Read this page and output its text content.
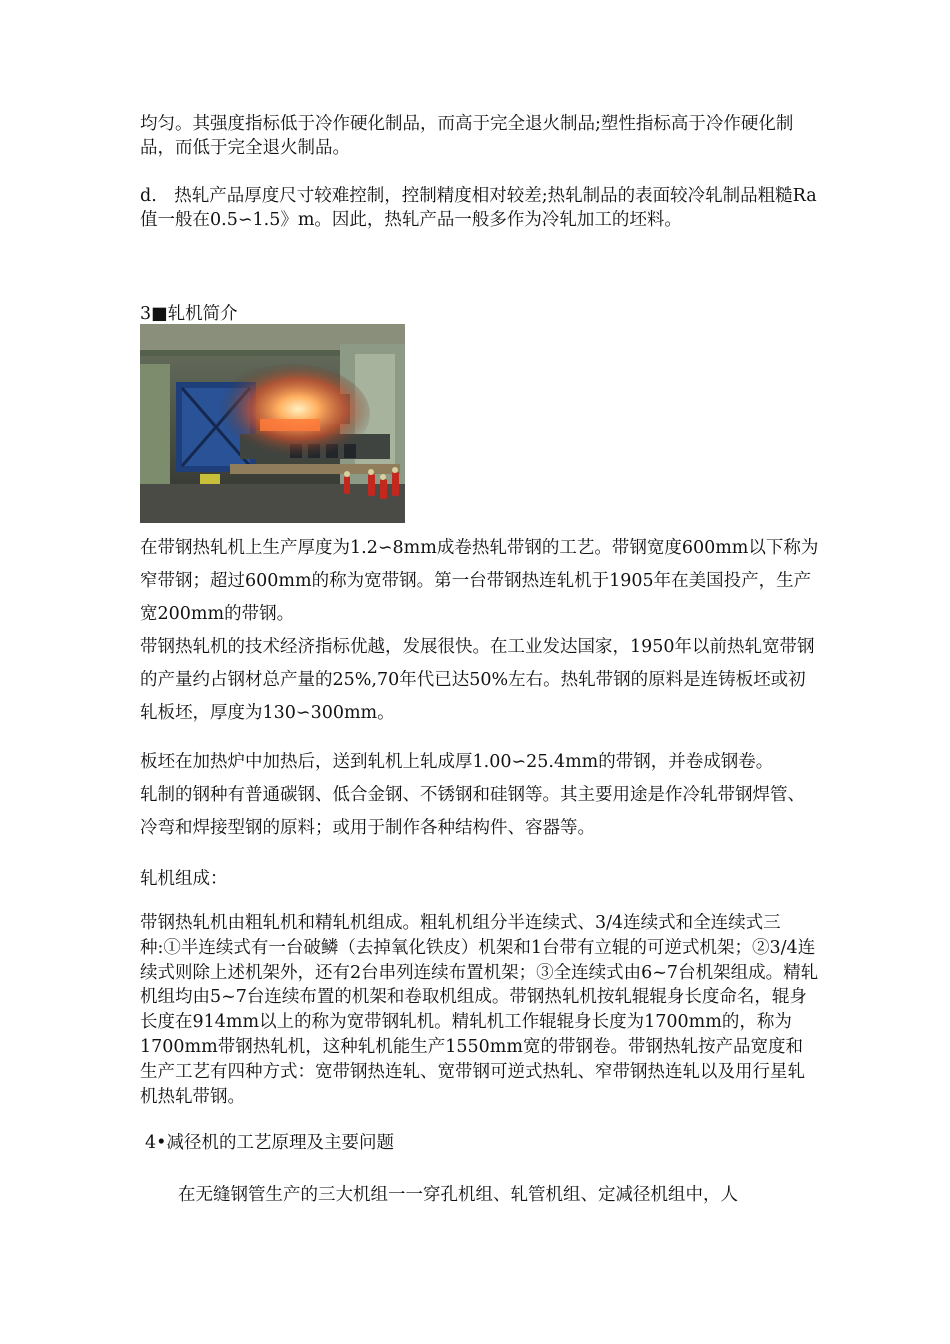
均匀。其强度指标低于冷作硬化制品，而高于完全退火制品;塑性指标高于冷作硬化制品，而低于完全退火制品。

d.　热轧产品厚度尺寸较难控制，控制精度相对较差;热轧制品的表面较冷轧制品粗糙Ra值一般在0.5∽1.5》m。因此，热轧产品一般多作为冷轧加工的坯料。

3■轧机简介

在带钢热轧机上生产厚度为1.2∽8mm成卷热轧带钢的工艺。带钢宽度600mm以下称为窄带钢；超过600mm的称为宽带钢。第一台带钢热连轧机于1905年在美国投产，生产宽200mm的带钢。

带钢热轧机的技术经济指标优越，发展很快。在工业发达国家，1950年以前热轧宽带钢的产量约占钢材总产量的25%,70年代已达50%左右。热轧带钢的原料是连铸板坯或初轧板坯，厚度为130∽300mm。

板坯在加热炉中加热后，送到轧机上轧成厚1.00∽25.4mm的带钢，并卷成钢卷。

轧制的钢种有普通碳钢、低合金钢、不锈钢和硅钢等。其主要用途是作冷轧带钢焊管、冷弯和焊接型钢的原料；或用于制作各种结构件、容器等。

轧机组成：

带钢热轧机由粗轧机和精轧机组成。粗轧机组分半连续式、3/4连续式和全连续式三种:①半连续式有一台破鳞（去掉氧化铁皮）机架和1台带有立辊的可逆式机架；②3/4连续式则除上述机架外，还有2台串列连续布置机架；③全连续式由6~7台机架组成。精轧机组均由5~7台连续布置的机架和卷取机组成。带钢热轧机按轧辊辊身长度命名，辊身长度在914mm以上的称为宽带钢轧机。精轧机工作辊辊身长度为1700mm的，称为1700mm带钢热轧机，这种轧机能生产1550mm宽的带钢卷。带钢热轧按产品宽度和生产工艺有四种方式：宽带钢热连轧、宽带钢可逆式热轧、窄带钢热连轧以及用行星轧机热轧带钢。

4•减径机的工艺原理及主要问题
在无缝钢管生产的三大机组一一穿孔机组、轧管机组、定减径机组中，人
